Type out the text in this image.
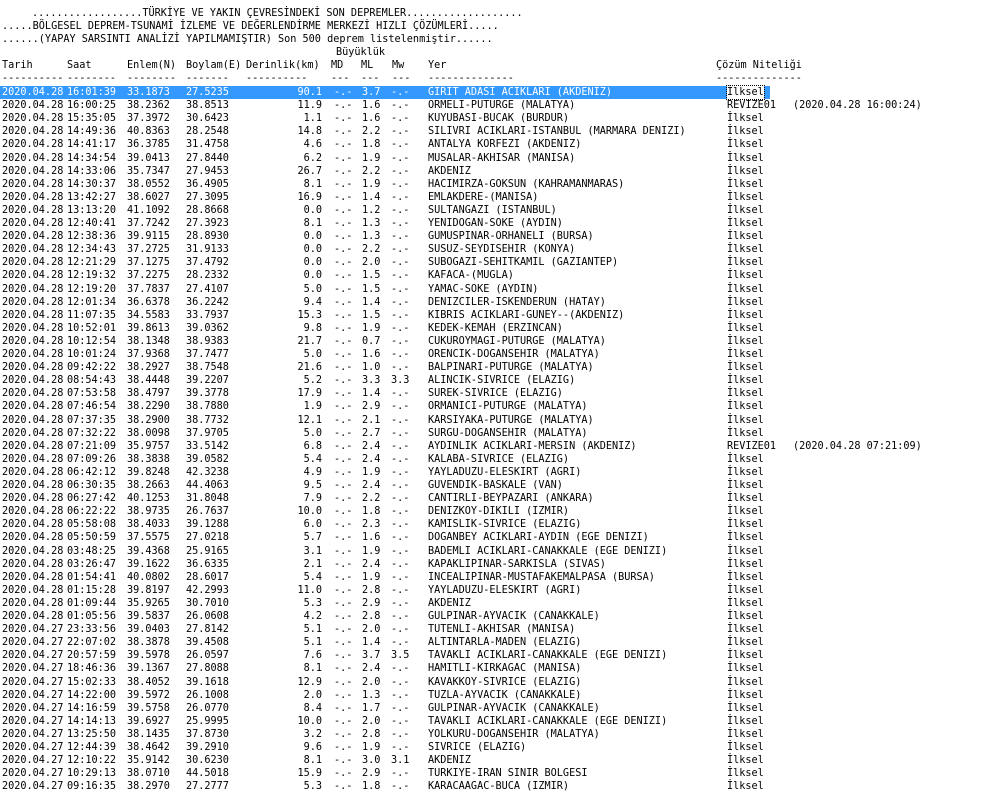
..................TÜRKİYE VE YAKIN ÇEVRESİNDEKİ SON DEPREMLER...................
.....BÖLGESEL DEPREM-TSUNAMİ İZLEME VE DEĞERLENDİRME MERKEZİ HIZLI ÇÖZÜMLERİ.....
......(YAPAY SARSINTI ANALİZİ YAPILMAMIŞTIR) Son 500 deprem listelenmiştir......
Büyüklük
Tarih	Saat	Enlem(N) Boylam(E) Derinlik(km) MD ML Mw Yer	Çözüm Niteliği
---------- -------- -------- ------- ---------- --- --- --- --------------	--------------
2020.04.28 16:01:39 33.1873 27.5235	90.1 -.- 3.7 -.- GIRIT ADASI ACIKLARI (AKDENIZ)	İlksel
2020.04.28 16:00:25 38.2362 38.8513	11.9 -.- 1.6 -.- ORMELI-PUTURGE (MALATYA)	REVIZE01 (2020.04.28 16:00:24)
2020.04.28 15:35:05 37.3972 30.6423	1.1 -.- 1.6 -.- KUYUBASI-BUCAK (BURDUR)	İlksel
2020.04.28 14:49:36 40.8363 28.2548	14.8 -.- 2.2 -.- SILIVRI ACIKLARI-ISTANBUL (MARMARA DENIZI)	İlksel
2020.04.28 14:41:17 36.3785 31.4758	4.6 -.- 1.8 -.- ANTALYA KORFEZI (AKDENIZ)	İlksel
2020.04.28 14:34:54 39.0413 27.8440	6.2 -.- 1.9 -.- MUSALAR-AKHISAR (MANISA)	İlksel
2020.04.28 14:33:06 35.7347 27.9453	26.7 -.- 2.2 -.- AKDENIZ	İlksel
2020.04.28 14:30:37 38.0552 36.4905	8.1 -.- 1.9 -.- HACIMIRZA-GOKSUN (KAHRAMANMARAS)	İlksel
2020.04.28 13:42:27 38.6027 27.3095	16.9 -.- 1.4 -.- EMLAKDERE-(MANISA)	İlksel
2020.04.28 13:13:20 41.1092 28.8668	0.0 -.- 1.2 -.- SULTANGAZI (ISTANBUL)	İlksel
2020.04.28 12:40:41 37.7242 27.3923	8.1 -.- 1.3 -.- YENIDOGAN-SOKE (AYDIN)	İlksel
2020.04.28 12:38:36 39.9115 28.8930	0.0 -.- 1.3 -.- GUMUSPINAR-ORHANELI (BURSA)	İlksel
2020.04.28 12:34:43 37.2725 31.9133	0.0 -.- 2.2 -.- SUSUZ-SEYDISEHIR (KONYA)	İlksel
2020.04.28 12:21:29 37.1275 37.4792	0.0 -.- 2.0 -.- SUBOGAZI-SEHITKAMIL (GAZIANTEP)	İlksel
2020.04.28 12:19:32 37.2275 28.2332	0.0 -.- 1.5 -.- KAFACA-(MUGLA)	İlksel
2020.04.28 12:19:20 37.7837 27.4107	5.0 -.- 1.5 -.- YAMAC-SOKE (AYDIN)	İlksel
2020.04.28 12:01:34 36.6378 36.2242	9.4 -.- 1.4 -.- DENIZCILER-ISKENDERUN (HATAY)	İlksel
2020.04.28 11:07:35 34.5583 33.7937	15.3 -.- 1.5 -.- KIBRIS ACIKLARI-GUNEY--(AKDENIZ)	İlksel
2020.04.28 10:52:01 39.8613 39.0362	9.8 -.- 1.9 -.- KEDEK-KEMAH (ERZINCAN)	İlksel
2020.04.28 10:12:54 38.1348 38.9383	21.7 -.- 0.7 -.- CUKUROYMAGI-PUTURGE (MALATYA)	İlksel
2020.04.28 10:01:24 37.9368 37.7477	5.0 -.- 1.6 -.- ORENCIK-DOGANSEHIR (MALATYA)	İlksel
2020.04.28 09:42:22 38.2927 38.7548	21.6 -.- 1.0 -.- BALPINARI-PUTURGE (MALATYA)	İlksel
2020.04.28 08:54:43 38.4448 39.2207	5.2 -.- 3.3 3.3 ALINCIK-SIVRICE (ELAZIG)	İlksel
2020.04.28 07:53:58 38.4797 39.3778	17.9 -.- 1.4 -.- SUREK-SIVRICE (ELAZIG)	İlksel
2020.04.28 07:46:54 38.2290 38.7880	1.9 -.- 2.9 -.- ORMANICI-PUTURGE (MALATYA)	İlksel
2020.04.28 07:37:35 38.2900 38.7732	12.1 -.- 2.1 -.- KARSIYAKA-PUTURGE (MALATYA)	İlksel
2020.04.28 07:32:22 38.0098 37.9705	5.0 -.- 2.7 -.- SURGU-DOGANSEHIR (MALATYA)	İlksel
2020.04.28 07:21:09 35.9757 33.5142	6.8 -.- 2.4 -.- AYDINLIK ACIKLARI-MERSIN (AKDENIZ)	REVIZE01 (2020.04.28 07:21:09)
2020.04.28 07:09:26 38.3838 39.0582	5.4 -.- 2.4 -.- KALABA-SIVRICE (ELAZIG)	İlksel
2020.04.28 06:42:12 39.8248 42.3238	4.9 -.- 1.9 -.- YAYLADUZU-ELESKIRT (AGRI)	İlksel
2020.04.28 06:30:35 38.2663 44.4063	9.5 -.- 2.4 -.- GUVENDIK-BASKALE (VAN)	İlksel
2020.04.28 06:27:42 40.1253 31.8048	7.9 -.- 2.2 -.- CANTIRLI-BEYPAZARI (ANKARA)	İlksel
2020.04.28 06:22:22 38.9735 26.7637	10.0 -.- 1.8 -.- DENIZKOY-DIKILI (IZMIR)	İlksel
2020.04.28 05:58:08 38.4033 39.1288	6.0 -.- 2.3 -.- KAMISLIK-SIVRICE (ELAZIG)	İlksel
2020.04.28 05:50:59 37.5575 27.0218	5.7 -.- 1.6 -.- DOGANBEY ACIKLARI-AYDIN (EGE DENIZI)	İlksel
2020.04.28 03:48:25 39.4368 25.9165	3.1 -.- 1.9 -.- BADEMLI ACIKLARI-CANAKKALE (EGE DENIZI)	İlksel
2020.04.28 03:26:47 39.1622 36.6335	2.1 -.- 2.4 -.- KAPAKLIPINAR-SARKISLA (SIVAS)	İlksel
2020.04.28 01:54:41 40.0802 28.6017	5.4 -.- 1.9 -.- INCEALIPINAR-MUSTAFAKEMALPASA (BURSA)	İlksel
2020.04.28 01:15:28 39.8197 42.2993	11.0 -.- 2.8 -.- YAYLADUZU-ELESKIRT (AGRI)	İlksel
2020.04.28 01:09:44 35.9265 30.7010	5.3 -.- 2.9 -.- AKDENIZ	İlksel
2020.04.28 01:05:56 39.5837 26.0608	4.2 -.- 2.8 -.- GULPINAR-AYVACIK (CANAKKALE)	İlksel
2020.04.27 23:33:56 39.0403 27.8142	5.1 -.- 2.0 -.- TUTENLI-AKHISAR (MANISA)	İlksel
2020.04.27 22:07:02 38.3878 39.4508	5.1 -.- 1.4 -.- ALTINTARLA-MADEN (ELAZIG)	İlksel
2020.04.27 20:57:59 39.5978 26.0597	7.6 -.- 3.7 3.5 TAVAKLI ACIKLARI-CANAKKALE (EGE DENIZI)	İlksel
2020.04.27 18:46:36 39.1367 27.8088	8.1 -.- 2.4 -.- HAMITLI-KIRKAGAC (MANISA)	İlksel
2020.04.27 15:02:33 38.4052 39.1618	12.9 -.- 2.0 -.- KAVAKKOY-SIVRICE (ELAZIG)	İlksel
2020.04.27 14:22:00 39.5972 26.1008	2.0 -.- 1.3 -.- TUZLA-AYVACIK (CANAKKALE)	İlksel
2020.04.27 14:16:59 39.5758 26.0770	8.4 -.- 1.7 -.- GULPINAR-AYVACIK (CANAKKALE)	İlksel
2020.04.27 14:14:13 39.6927 25.9995	10.0 -.- 2.0 -.- TAVAKLI ACIKLARI-CANAKKALE (EGE DENIZI)	İlksel
2020.04.27 13:25:50 38.1435 37.8730	3.2 -.- 2.8 -.- YOLKURU-DOGANSEHIR (MALATYA)	İlksel
2020.04.27 12:44:39 38.4642 39.2910	9.6 -.- 1.9 -.- SIVRICE (ELAZIG)	İlksel
2020.04.27 12:10:22 35.9142 30.6230	8.1 -.- 3.0 3.1 AKDENIZ	İlksel
2020.04.27 10:29:13 38.0710 44.5018	15.9 -.- 2.9 -.- TURKIYE-IRAN SINIR BOLGESI	İlksel
2020.04.27 09:16:35 38.2970 27.2777	5.3 -.- 1.8 -.- KARACAAGAC-BUCA (IZMIR)	İlksel
